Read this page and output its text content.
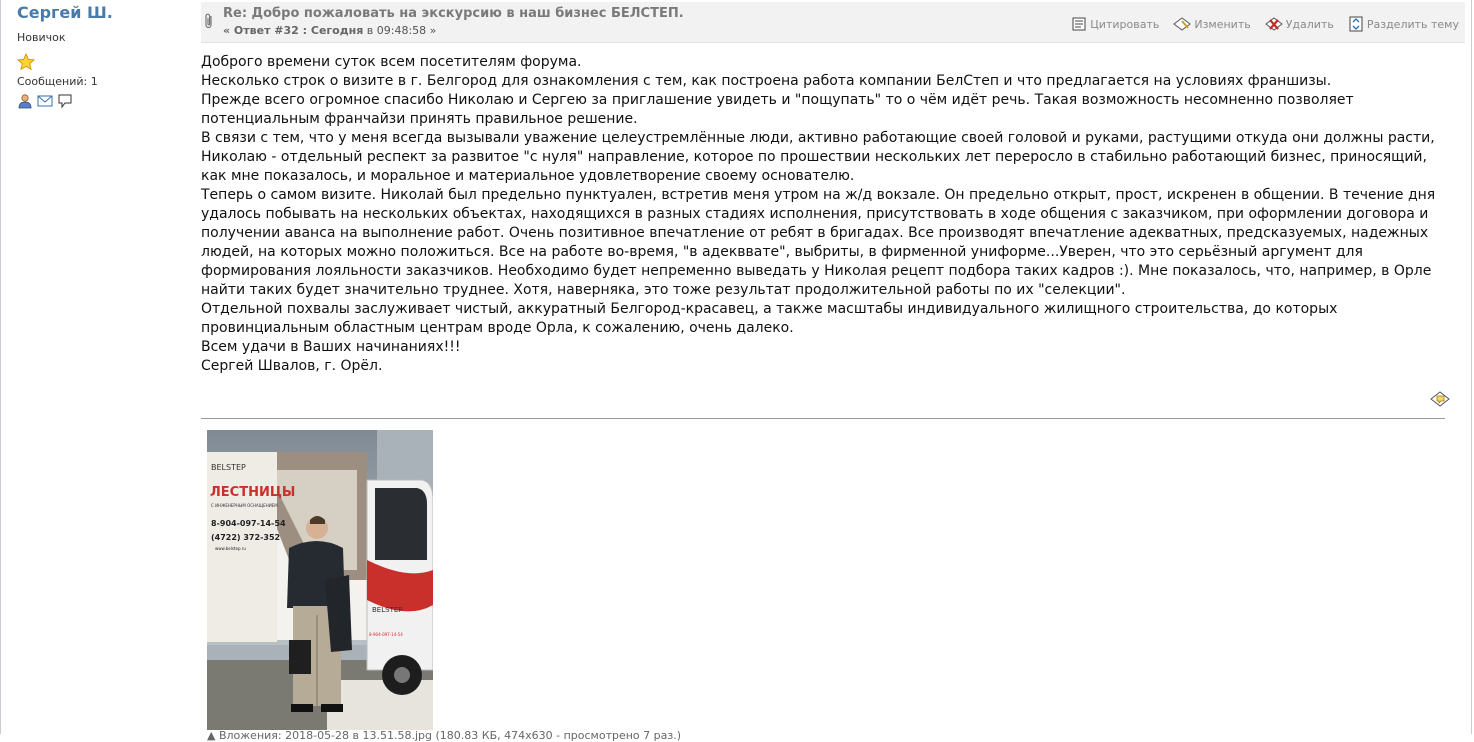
Сергей Ш.
Новичок
Сообщений: 1
Re: Добро пожаловать на экскурсию в наш бизнес БЕЛСТЕП.
« Ответ #32 : Сегодня в 09:48:58 »	Цитировать	Изменить	Удалить	Разделить тему

Доброго времени суток всем посетителям форума.

Несколько строк о визите в г. Белгород для ознакомления с тем, как построена работа компании БелСтеп и что предлагается на условиях франшизы.

Прежде всего огромное спасибо Николаю и Сергею за приглашение увидеть и "пощупать" то о чём идёт речь. Такая возможность несомненно позволяет потенциальным франчайзи принять правильное решение.

В связи с тем, что у меня всегда вызывали уважение целеустремлённые люди, активно работающие своей головой и руками, растущими откуда они должны расти, Николаю - отдельный респект за развитое "с нуля" направление, которое по прошествии нескольких лет переросло в стабильно работающий бизнес, приносящий, как мне показалось, и моральное и материальное удовлетворение своему основателю.

Теперь о самом визите. Николай был предельно пунктуален, встретив меня утром на ж/д вокзале. Он предельно открыт, прост, искренен в общении. В течение дня удалось побывать на нескольких объектах, находящихся в разных стадиях исполнения, присутствовать в ходе общения с заказчиком, при оформлении договора и получении аванса на выполнение работ. Очень позитивное впечатление от ребят в бригадах. Все производят впечатление адекватных, предсказуемых, надежных людей, на которых можно положиться. Все на работе во-время, "в адекввате", выбриты, в фирменной униформе...Уверен, что это серьёзный аргумент для формирования лояльности заказчиков. Необходимо будет непременно выведать у Николая рецепт подбора таких кадров :). Мне показалось, что, например, в Орле найти таких будет значительно труднее. Хотя, наверняка, это тоже результат продолжительной работы по их "селекции".

Отдельной похвалы заслуживает чистый, аккуратный Белгород-красавец, а также масштабы индивидуального жилищного строительства, до которых провинциальным областным центрам вроде Орла, к сожалению, очень далеко.

Всем удачи в Ваших начинаниях!!!

Сергей Швалов, г. Орёл.

BELSTEP
ЛЕСТНИЦЫ
С ИНЖЕНЕРНЫМ ОСНАЩЕНИЕМ
8-904-097-14-54
(4722) 372-352
www.belstep.ru
BELSTEP
8-904-097-14-54
▲ Вложения: 2018-05-28 в 13.51.58.jpg (180.83 КБ, 474x630 - просмотрено 7 раз.)
